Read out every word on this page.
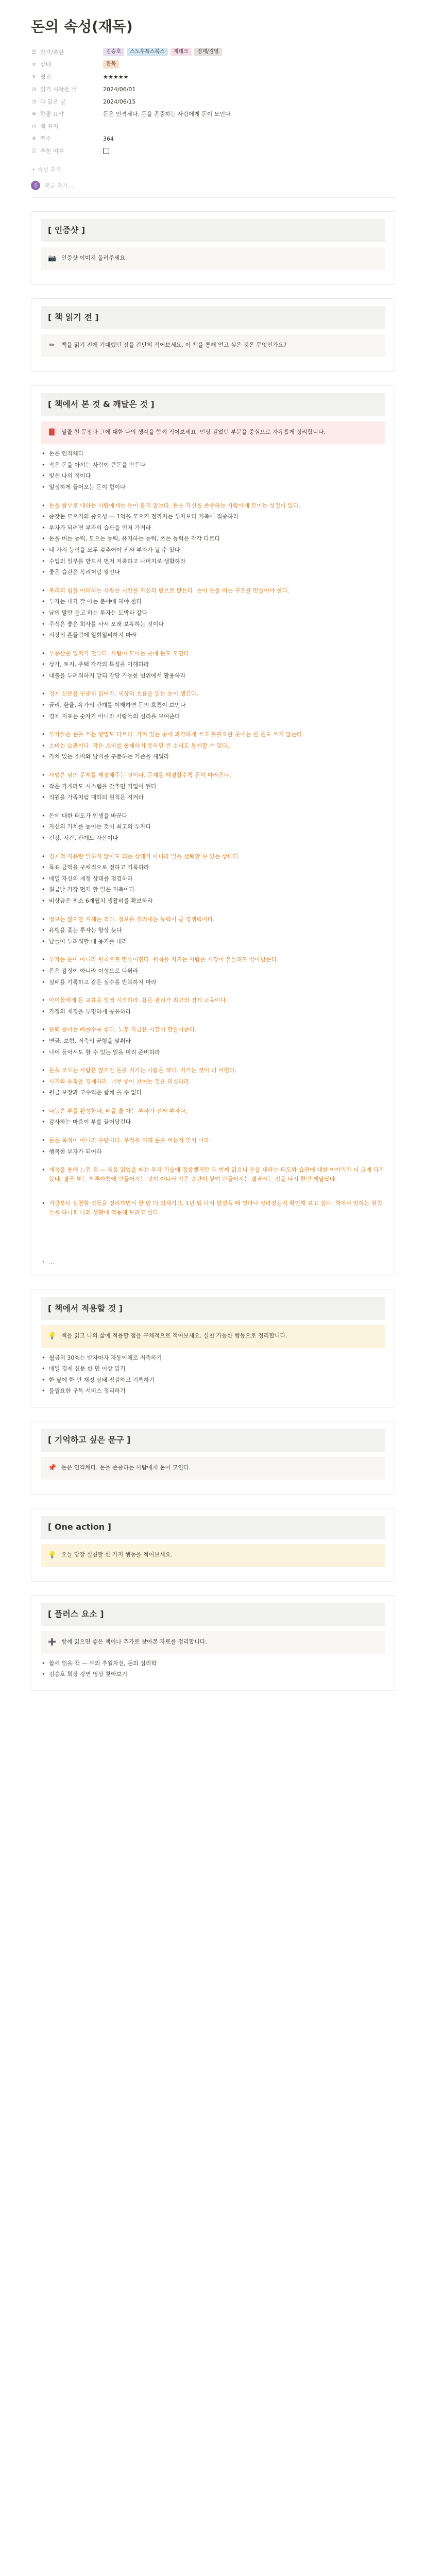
돈의 속성(재독)
☰ 작가/출판	김승호	스노우폭스북스	재테크	경제/경영
≡ 상태	완독
# 평점	★★★★★
◷ 읽기 시작한 날	2024/06/01
◷ 다 읽은 날	2024/06/15
≡ 한줄 요약	돈은 인격체다. 돈을 존중하는 사람에게 돈이 모인다
◎ 책 표지
# 쪽수	364
☑ 추천 여부
+ 속성 추가
김	댓글 추가...
[ 인증샷 ]
📷 인증샷 이미지 올려주세요.
[ 책 읽기 전 ]
✏ 책을 읽기 전에 기대했던 점을 간단히 적어보세요. 이 책을 통해 얻고 싶은 것은 무엇인가요?
[ 책에서 본 것 & 깨달은 것 ]
📕 밑줄 친 문장과 그에 대한 나의 생각을 함께 적어보세요. 인상 깊었던 부분을 중심으로 자유롭게 정리합니다.
• 돈은 인격체다
• 작은 돈을 아끼는 사람이 큰돈을 만든다
• 빚은 나의 적이다
• 일정하게 들어오는 돈이 힘이다
• 돈을 함부로 대하는 사람에게는 돈이 붙지 않는다. 돈은 자신을 존중하는 사람에게 모이는 성질이 있다.
• 종잣돈 모으기의 중요성 — 1억을 모으기 전까지는 투자보다 저축에 집중하라
• 부자가 되려면 부자의 습관을 먼저 가져라
• 돈을 버는 능력, 모으는 능력, 유지하는 능력, 쓰는 능력은 각각 다르다
• 네 가지 능력을 모두 갖추어야 진짜 부자가 될 수 있다
• 수입의 일부를 반드시 먼저 저축하고 나머지로 생활하라
• 좋은 습관은 복리처럼 쌓인다
• 복리의 힘을 이해하는 사람은 시간을 자신의 편으로 만든다. 돈이 돈을 버는 구조를 만들어야 한다.
• 투자는 내가 잘 아는 분야에 해야 한다
• 남의 말만 듣고 하는 투자는 도박과 같다
• 주식은 좋은 회사를 사서 오래 보유하는 것이다
• 시장의 흔들림에 일희일비하지 마라
• 부동산은 입지가 전부다. 사람이 모이는 곳에 돈도 모인다.
• 상가, 토지, 주택 각각의 특성을 이해하라
• 대출을 두려워하지 말되 감당 가능한 범위에서 활용하라
• 경제 신문을 꾸준히 읽어라. 세상의 흐름을 읽는 눈이 생긴다.
• 금리, 환율, 유가의 관계를 이해하면 돈의 흐름이 보인다
• 경제 지표는 숫자가 아니라 사람들의 심리를 보여준다
• 부자들은 돈을 쓰는 방법도 다르다. 가치 있는 곳에 과감하게 쓰고 불필요한 곳에는 한 푼도 쓰지 않는다.
• 소비는 습관이다. 작은 소비를 통제하지 못하면 큰 소비도 통제할 수 없다.
• 가치 있는 소비와 낭비를 구분하는 기준을 세워라
• 사업은 남의 문제를 해결해주는 것이다. 문제를 해결할수록 돈이 따라온다.
• 작은 가게라도 시스템을 갖추면 기업이 된다
• 직원을 가족처럼 대하되 원칙은 지켜라
• 돈에 대한 태도가 인생을 바꾼다
• 자신의 가치를 높이는 것이 최고의 투자다
• 건강, 시간, 관계도 자산이다
• 경제적 자유란 일하지 않아도 되는 상태가 아니라 일을 선택할 수 있는 상태다.
• 목표 금액을 구체적으로 정하고 기록하라
• 매일 자신의 재정 상태를 점검하라
• 월급날 가장 먼저 할 일은 저축이다
• 비상금은 최소 6개월치 생활비를 확보하라
• 정보는 많지만 지혜는 적다. 정보를 걸러내는 능력이 곧 경쟁력이다.
• 유행을 좇는 투자는 항상 늦다
• 남들이 두려워할 때 용기를 내라
• 부자는 운이 아니라 원칙으로 만들어진다. 원칙을 지키는 사람은 시장이 흔들려도 살아남는다.
• 돈은 감정이 아니라 이성으로 다뤄라
• 실패를 기록하고 같은 실수를 반복하지 마라
• 아이들에게 돈 교육을 일찍 시작하라. 용돈 관리가 최고의 경제 교육이다.
• 가정의 재정을 투명하게 공유하라
• 은퇴 준비는 빠를수록 좋다. 노후 자금은 시간이 만들어준다.
• 연금, 보험, 저축의 균형을 맞춰라
• 나이 들어서도 할 수 있는 일을 미리 준비하라
• 돈을 모으는 사람은 많지만 돈을 지키는 사람은 적다. 지키는 것이 더 어렵다.
• 사기와 유혹을 경계하라. 너무 좋아 보이는 것은 의심하라.
• 원금 보장과 고수익은 함께 올 수 없다
• 나눔은 부를 완성한다. 베풀 줄 아는 부자가 진짜 부자다.
• 감사하는 마음이 부를 끌어당긴다
• 돈은 목적이 아니라 수단이다. 무엇을 위해 돈을 버는지 잊지 마라.
• 행복한 부자가 되어라
• 재독을 통해 느낀 점 — 처음 읽었을 때는 투자 기술에 집중했지만 두 번째 읽으니 돈을 대하는 태도와 습관에 대한 이야기가 더 크게 다가왔다. 결국 부는 하루아침에 만들어지는 것이 아니라 작은 습관이 쌓여 만들어지는 결과라는 점을 다시 한번 깨달았다.
• 지금부터 실천할 것들을 정리하면서 한 번 더 되새기고, 1년 뒤 다시 읽었을 때 얼마나 달라졌는지 확인해 보고 싶다. 책에서 말하는 원칙들을 하나씩 나의 생활에 적용해 보려고 한다.
• ...
[ 책에서 적용할 것 ]
💡 책을 읽고 나의 삶에 적용할 점을 구체적으로 적어보세요. 실천 가능한 행동으로 정리합니다.
• 월급의 30%는 받자마자 자동이체로 저축하기
• 매일 경제 신문 한 면 이상 읽기
• 한 달에 한 번 재정 상태 점검하고 기록하기
• 불필요한 구독 서비스 정리하기
[ 기억하고 싶은 문구 ]
📌 돈은 인격체다. 돈을 존중하는 사람에게 돈이 모인다.
[ One action ]
💡 오늘 당장 실천할 한 가지 행동을 적어보세요.
[ 플러스 요소 ]
➕ 함께 읽으면 좋은 책이나 추가로 찾아본 자료를 정리합니다.
• 함께 읽을 책 — 부의 추월차선, 돈의 심리학
• 김승호 회장 강연 영상 찾아보기
